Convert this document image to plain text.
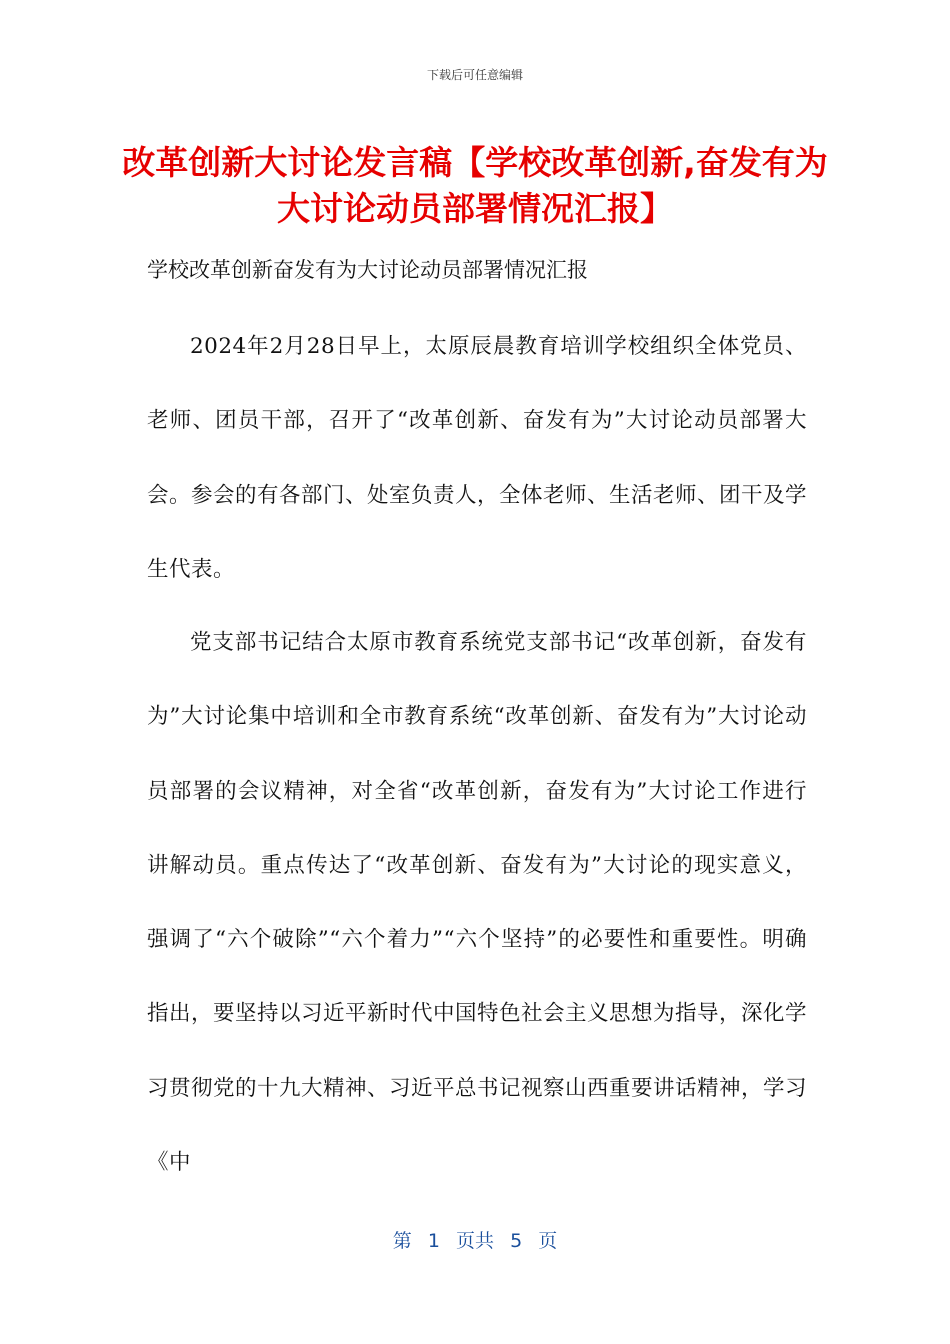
下载后可任意编辑
改革创新大讨论发言稿【学校改革创新,奋发有为大讨论动员部署情况汇报】

学校改革创新奋发有为大讨论动员部署情况汇报

2024年2月28日早上，太原辰晨教育培训学校组织全体党员、老师、团员干部，召开了“改革创新、奋发有为”大讨论动员部署大会。参会的有各部门、处室负责人，全体老师、生活老师、团干及学生代表。

党支部书记结合太原市教育系统党支部书记“改革创新，奋发有为”大讨论集中培训和全市教育系统“改革创新、奋发有为”大讨论动员部署的会议精神，对全省“改革创新，奋发有为”大讨论工作进行讲解动员。重点传达了“改革创新、奋发有为”大讨论的现实意义，强调了“六个破除”“六个着力”“六个坚持”的必要性和重要性。明确指出，要坚持以习近平新时代中国特色社会主义思想为指导，深化学习贯彻党的十九大精神、习近平总书记视察山西重要讲话精神，学习《中

第  1  页共  5  页
